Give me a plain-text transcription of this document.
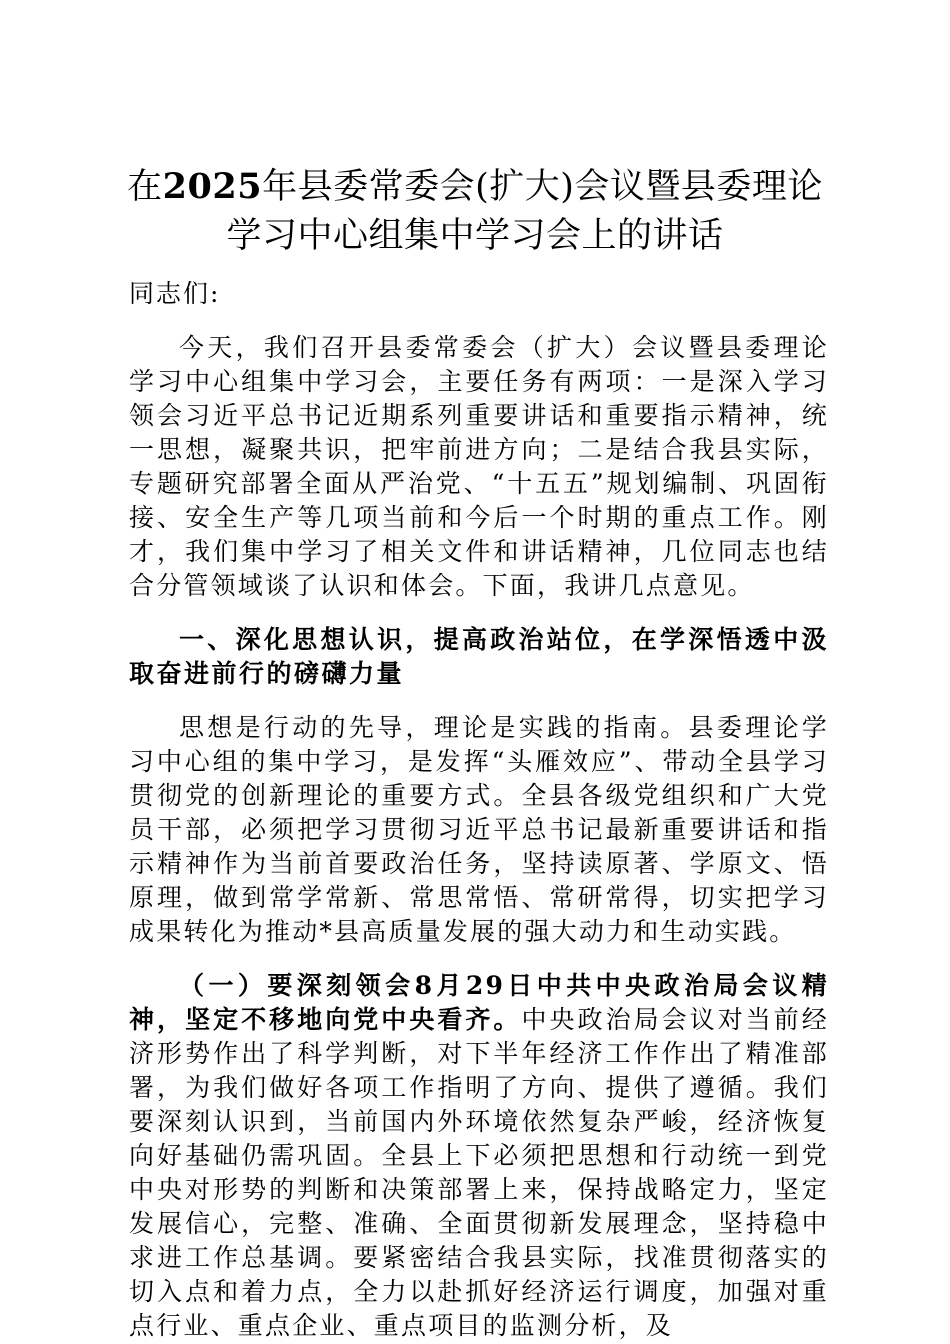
在2025年县委常委会(扩大)会议暨县委理论学习中心组集中学习会上的讲话

同志们:

今天，我们召开县委常委会（扩大）会议暨县委理论学习中心组集中学习会，主要任务有两项：一是深入学习领会习近平总书记近期系列重要讲话和重要指示精神，统一思想，凝聚共识，把牢前进方向；二是结合我县实际，专题研究部署全面从严治党、“十五五”规划编制、巩固衔接、安全生产等几项当前和今后一个时期的重点工作。刚才，我们集中学习了相关文件和讲话精神，几位同志也结合分管领域谈了认识和体会。下面，我讲几点意见。

一、深化思想认识，提高政治站位，在学深悟透中汲取奋进前行的磅礴力量

思想是行动的先导，理论是实践的指南。县委理论学习中心组的集中学习，是发挥“头雁效应”、带动全县学习贯彻党的创新理论的重要方式。全县各级党组织和广大党员干部，必须把学习贯彻习近平总书记最新重要讲话和指示精神作为当前首要政治任务，坚持读原著、学原文、悟原理，做到常学常新、常思常悟、常研常得，切实把学习成果转化为推动*县高质量发展的强大动力和生动实践。

（一）要深刻领会8月29日中共中央政治局会议精神，坚定不移地向党中央看齐。中央政治局会议对当前经济形势作出了科学判断，对下半年经济工作作出了精准部署，为我们做好各项工作指明了方向、提供了遵循。我们要深刻认识到，当前国内外环境依然复杂严峻，经济恢复向好基础仍需巩固。全县上下必须把思想和行动统一到党中央对形势的判断和决策部署上来，保持战略定力，坚定发展信心，完整、准确、全面贯彻新发展理念，坚持稳中求进工作总基调。要紧密结合我县实际，找准贯彻落实的切入点和着力点，全力以赴抓好经济运行调度，加强对重点行业、重点企业、重点项目的监测分析，及
